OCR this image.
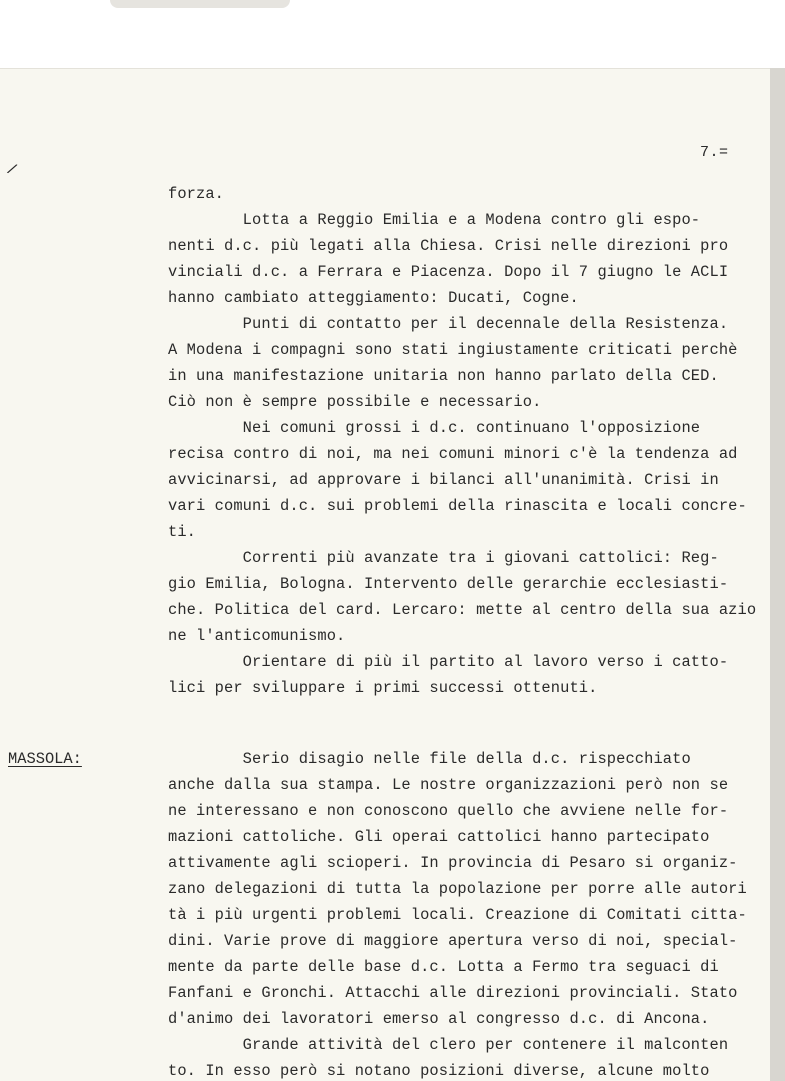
7.=
/
forza.
Lotta a Reggio Emilia e a Modena contro gli espo-
nenti d.c. più legati alla Chiesa. Crisi nelle direzioni pro
vinciali d.c. a Ferrara e Piacenza. Dopo il 7 giugno le ACLI
hanno cambiato atteggiamento: Ducati, Cogne.
Punti di contatto per il decennale della Resistenza.
A Modena i compagni sono stati ingiustamente criticati perchè
in una manifestazione unitaria non hanno parlato della CED.
Ciò non è sempre possibile e necessario.
Nei comuni grossi i d.c. continuano l'opposizione
recisa contro di noi, ma nei comuni minori c'è la tendenza ad
avvicinarsi, ad approvare i bilanci all'unanimità. Crisi in
vari comuni d.c. sui problemi della rinascita e locali concre-
ti.
Correnti più avanzate tra i giovani cattolici: Reg-
gio Emilia, Bologna. Intervento delle gerarchie ecclesiasti-
che. Politica del card. Lercaro: mette al centro della sua azio
ne l'anticomunismo.
Orientare di più il partito al lavoro verso i catto-
lici per sviluppare i primi successi ottenuti.
MASSOLA:	Serio disagio nelle file della d.c. rispecchiato
anche dalla sua stampa. Le nostre organizzazioni però non se
ne interessano e non conoscono quello che avviene nelle for-
mazioni cattoliche. Gli operai cattolici hanno partecipato
attivamente agli scioperi. In provincia di Pesaro si organiz-
zano delegazioni di tutta la popolazione per porre alle autori
tà i più urgenti problemi locali. Creazione di Comitati citta-
dini. Varie prove di maggiore apertura verso di noi, special-
mente da parte delle base d.c. Lotta a Fermo tra seguaci di
Fanfani e Gronchi. Attacchi alle direzioni provinciali. Stato
d'animo dei lavoratori emerso al congresso d.c. di Ancona.
Grande attività del clero per contenere il malconten
to. In esso però si notano posizioni diverse, alcune molto
